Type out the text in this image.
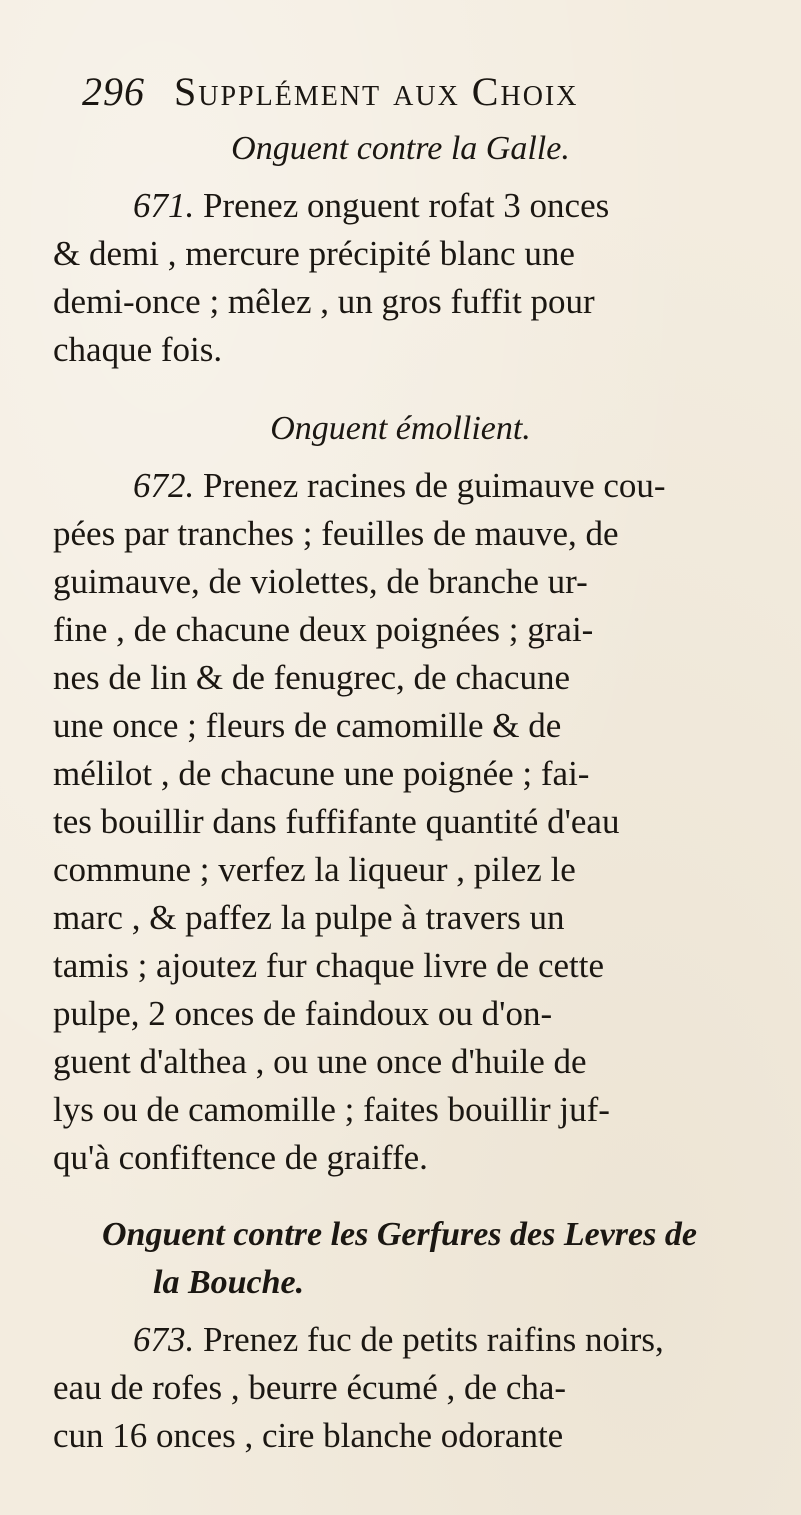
296 Supplément aux Choix
Onguent contre la Galle.
671. Prenez onguent rofat 3 onces
& demi , mercure précipité blanc une
demi-once ; mêlez , un gros fuffit pour
chaque fois.
Onguent émollient.
672. Prenez racines de guimauve cou-
pées par tranches ; feuilles de mauve, de
guimauve, de violettes, de branche ur-
fine , de chacune deux poignées ; grai-
nes de lin & de fenugrec, de chacune
une once ; fleurs de camomille & de
mélilot , de chacune une poignée ; fai-
tes bouillir dans fuffifante quantité d'eau
commune ; verfez la liqueur , pilez le
marc , & paffez la pulpe à travers un
tamis ; ajoutez fur chaque livre de cette
pulpe, 2 onces de faindoux ou d'on-
guent d'althea , ou une once d'huile de
lys ou de camomille ; faites bouillir juf-
qu'à confiftence de graiffe.
Onguent contre les Gerfures des Levres de
la Bouche.
673. Prenez fuc de petits raifins noirs,
eau de rofes , beurre écumé , de cha-
cun 16 onces , cire blanche odorante
